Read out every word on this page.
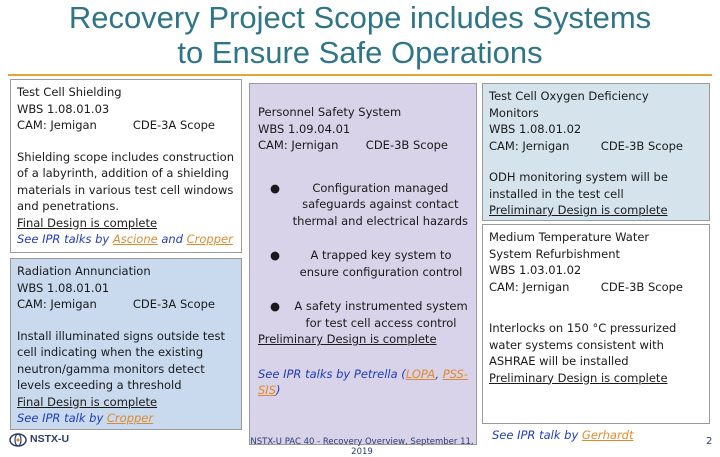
Recovery Project Scope includes Systems
to Ensure Safe Operations
Test Cell Shielding
WBS 1.08.01.03
CAM: Jemigan	CDE-3A Scope
Shielding scope includes construction
of a labyrinth, addition of a shielding
materials in various test cell windows
and penetrations.
Final Design is complete
See IPR talks by Ascione and Cropper
Radiation Annunciation
WBS 1.08.01.01
CAM: Jemigan	CDE-3A Scope
Install illuminated signs outside test
cell indicating when the existing
neutron/gamma monitors detect
levels exceeding a threshold
Final Design is complete
See IPR talk by Cropper
Personnel Safety System
WBS 1.09.04.01
CAM: Jernigan CDE-3B Scope
●	Configuration managed
safeguards against contact
thermal and electrical hazards
●	A trapped key system to
ensure configuration control
●	A safety instrumented system
for test cell access control
Preliminary Design is complete
See IPR talks by Petrella (LOPA, PSS-
SIS)
Test Cell Oxygen Deficiency
Monitors
WBS 1.08.01.02
CAM: Jernigan	CDE-3B Scope
ODH monitoring system will be
installed in the test cell
Preliminary Design is complete
Medium Temperature Water
System Refurbishment
WBS 1.03.01.02
CAM: Jernigan	CDE-3B Scope
Interlocks on 150 °C pressurized
water systems consistent with
ASHRAE will be installed
Preliminary Design is complete
See IPR talk by Gerhardt
NSTX-U	NSTX-U PAC 40 - Recovery Overview, September 11, 2019
2
